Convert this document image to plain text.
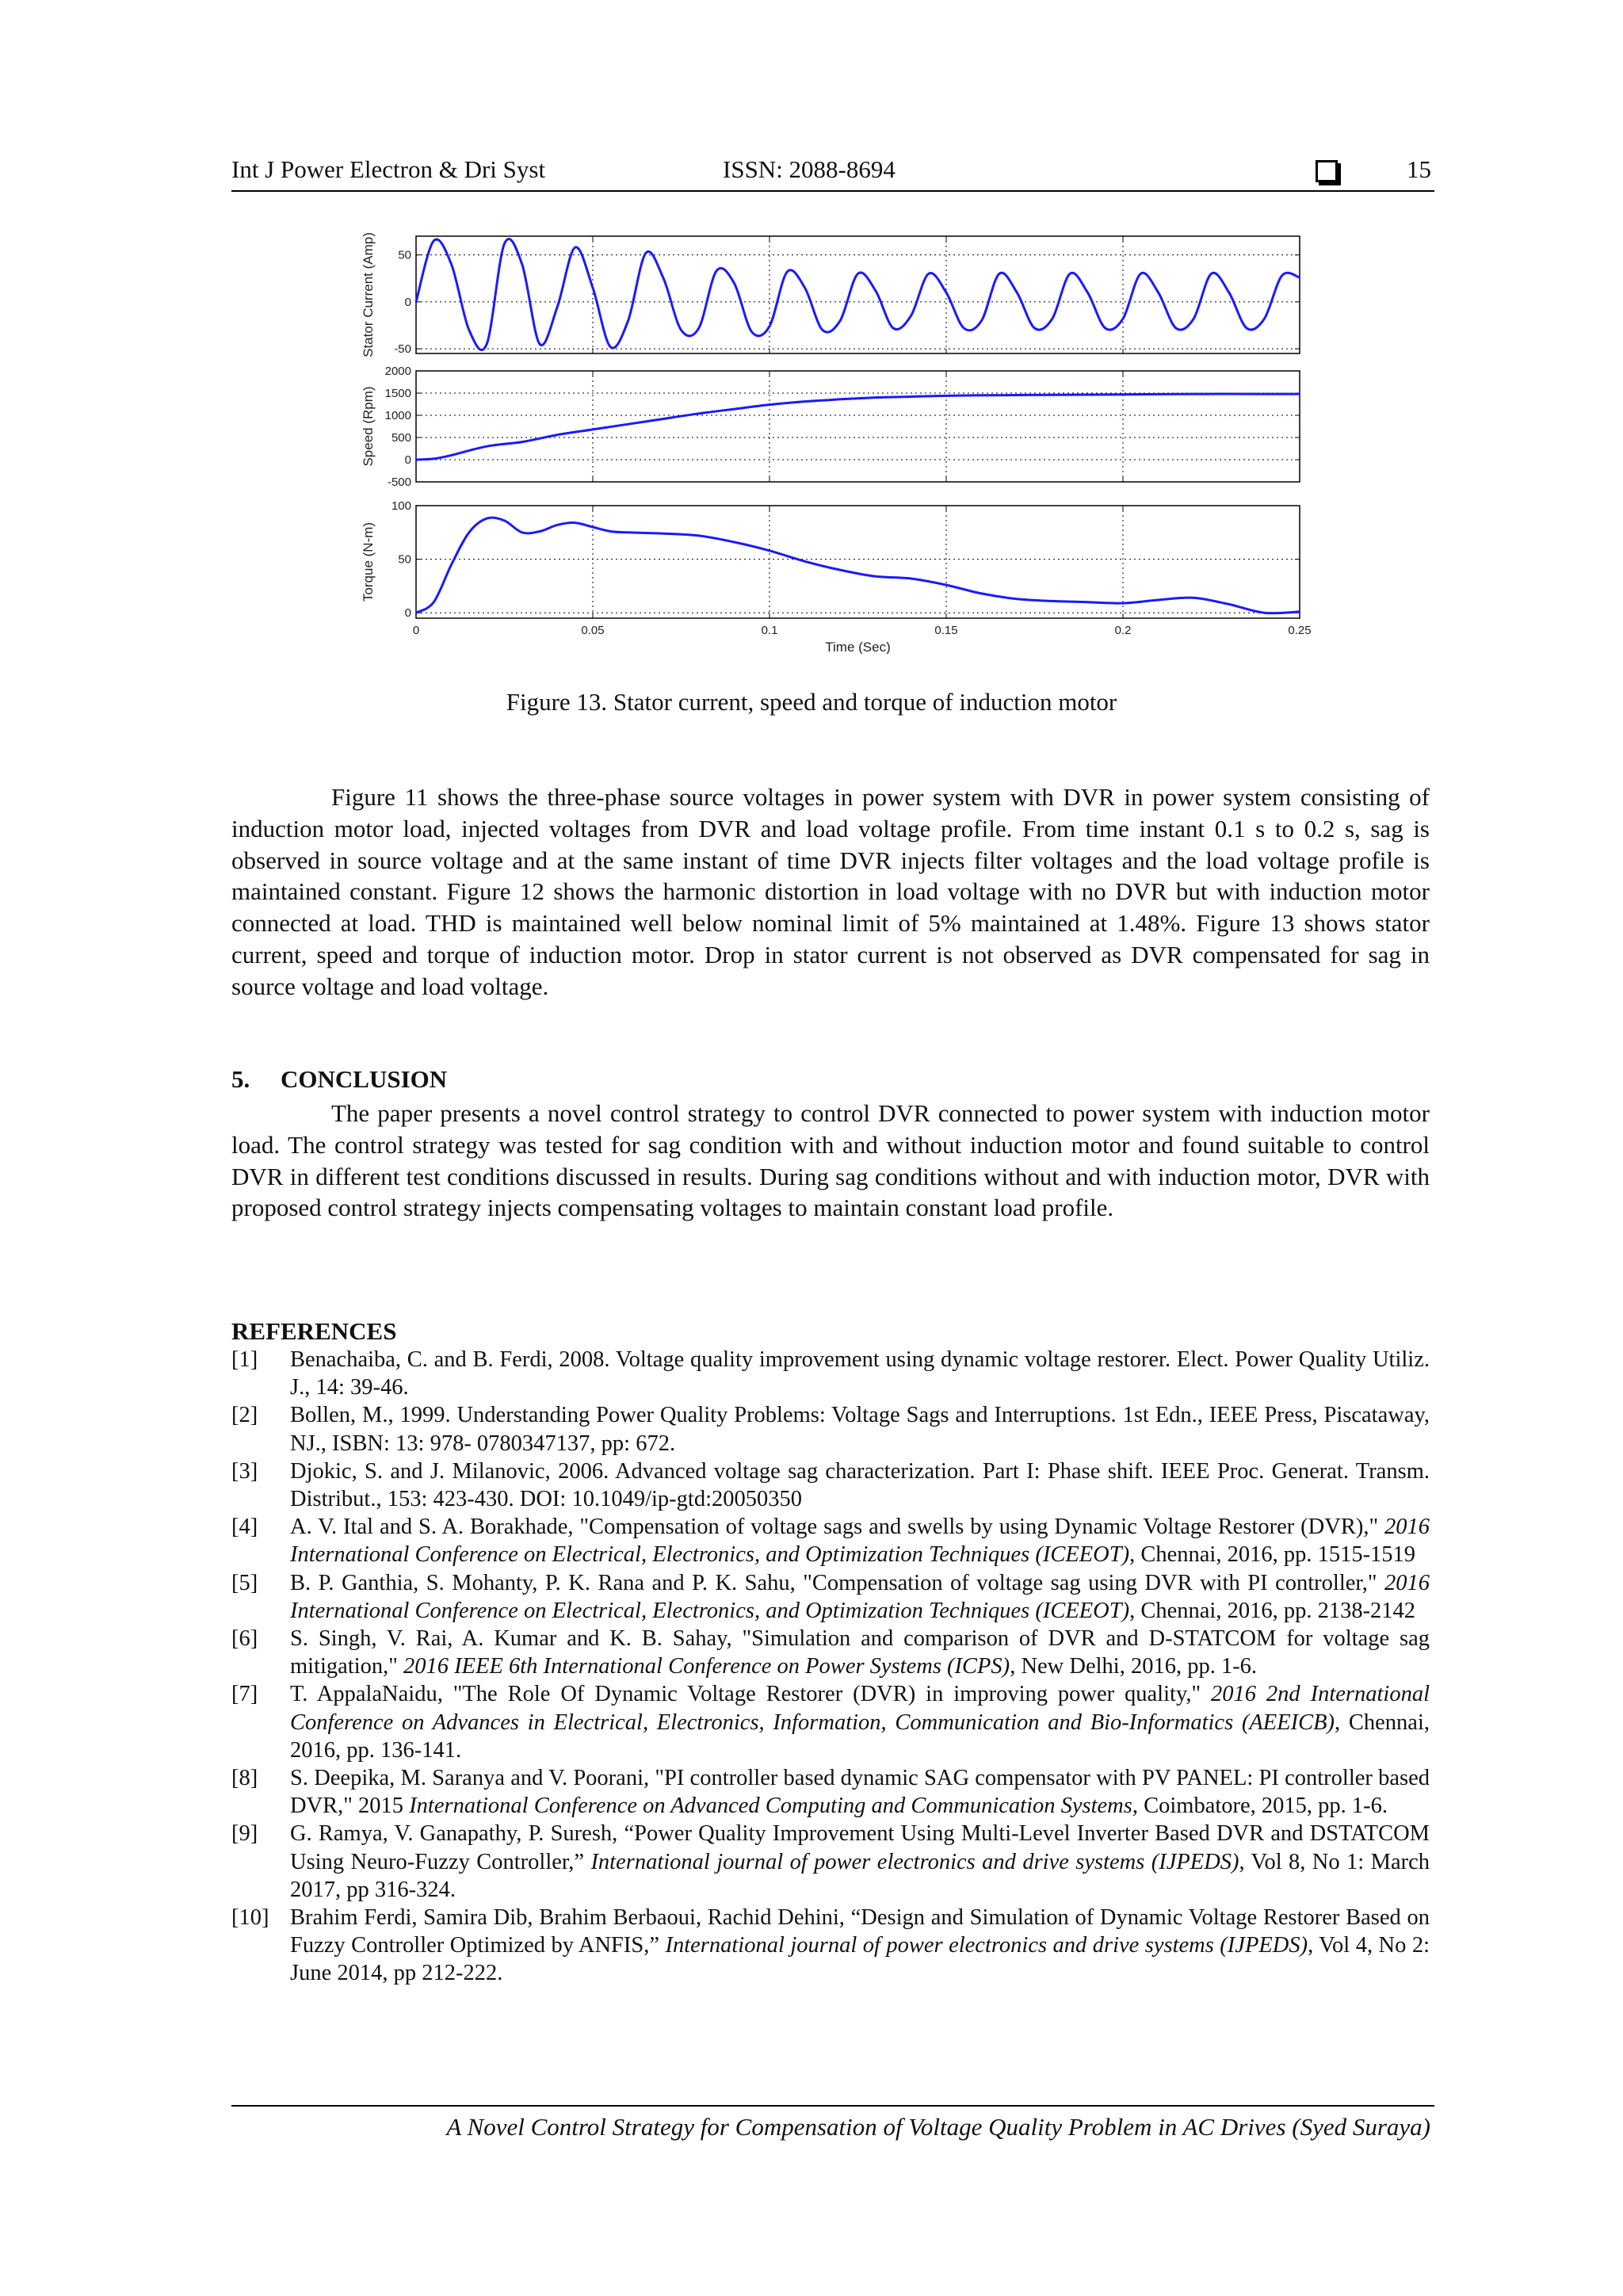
Int J Power Electron & Dri Syst	ISSN: 2088-8694	15
50
0
-50
Stator Current (Amp)
2000
1500
1000
500
0
-500
Speed (Rpm)
100
50
0
Torque (N-m)
0	0.05	0.1	0.15	0.2	0.25
Time (Sec)
Figure 13. Stator current, speed and torque of induction motor
Figure 11 shows the three-phase source voltages in power system with DVR in power system consisting of induction motor load, injected voltages from DVR and load voltage profile. From time instant 0.1 s to 0.2 s, sag is observed in source voltage and at the same instant of time DVR injects filter voltages and the load voltage profile is maintained constant. Figure 12 shows the harmonic distortion in load voltage with no DVR but with induction motor connected at load. THD is maintained well below nominal limit of 5% maintained at 1.48%. Figure 13 shows stator current, speed and torque of induction motor. Drop in stator current is not observed as DVR compensated for sag in source voltage and load voltage.
5.     CONCLUSION
The paper presents a novel control strategy to control DVR connected to power system with induction motor load. The control strategy was tested for sag condition with and without induction motor and found suitable to control DVR in different test conditions discussed in results. During sag conditions without and with induction motor, DVR with proposed control strategy injects compensating voltages to maintain constant load profile.
REFERENCES
[1] Benachaiba, C. and B. Ferdi, 2008. Voltage quality improvement using dynamic voltage restorer. Elect. Power Quality Utiliz. J., 14: 39-46.
[2] Bollen, M., 1999. Understanding Power Quality Problems: Voltage Sags and Interruptions. 1st Edn., IEEE Press, Piscataway, NJ., ISBN: 13: 978- 0780347137, pp: 672.
[3] Djokic, S. and J. Milanovic, 2006. Advanced voltage sag characterization. Part I: Phase shift. IEEE Proc. Generat. Transm. Distribut., 153: 423-430. DOI: 10.1049/ip-gtd:20050350
[4] A. V. Ital and S. A. Borakhade, "Compensation of voltage sags and swells by using Dynamic Voltage Restorer (DVR)," 2016 International Conference on Electrical, Electronics, and Optimization Techniques (ICEEOT), Chennai, 2016, pp. 1515-1519
[5] B. P. Ganthia, S. Mohanty, P. K. Rana and P. K. Sahu, "Compensation of voltage sag using DVR with PI controller," 2016 International Conference on Electrical, Electronics, and Optimization Techniques (ICEEOT), Chennai, 2016, pp. 2138-2142
[6] S. Singh, V. Rai, A. Kumar and K. B. Sahay, "Simulation and comparison of DVR and D-STATCOM for voltage sag mitigation," 2016 IEEE 6th International Conference on Power Systems (ICPS), New Delhi, 2016, pp. 1-6.
[7] T. AppalaNaidu, "The Role Of Dynamic Voltage Restorer (DVR) in improving power quality," 2016 2nd International Conference on Advances in Electrical, Electronics, Information, Communication and Bio-Informatics (AEEICB), Chennai, 2016, pp. 136-141.
[8] S. Deepika, M. Saranya and V. Poorani, "PI controller based dynamic SAG compensator with PV PANEL: PI controller based DVR," 2015 International Conference on Advanced Computing and Communication Systems, Coimbatore, 2015, pp. 1-6.
[9] G. Ramya, V. Ganapathy, P. Suresh, “Power Quality Improvement Using Multi-Level Inverter Based DVR and DSTATCOM Using Neuro-Fuzzy Controller,” International journal of power electronics and drive systems (IJPEDS), Vol 8, No 1: March 2017, pp 316-324.
[10] Brahim Ferdi, Samira Dib, Brahim Berbaoui, Rachid Dehini, “Design and Simulation of Dynamic Voltage Restorer Based on Fuzzy Controller Optimized by ANFIS,” International journal of power electronics and drive systems (IJPEDS), Vol 4, No 2: June 2014, pp 212-222.
A Novel Control Strategy for Compensation of Voltage Quality Problem in AC Drives (Syed Suraya)
